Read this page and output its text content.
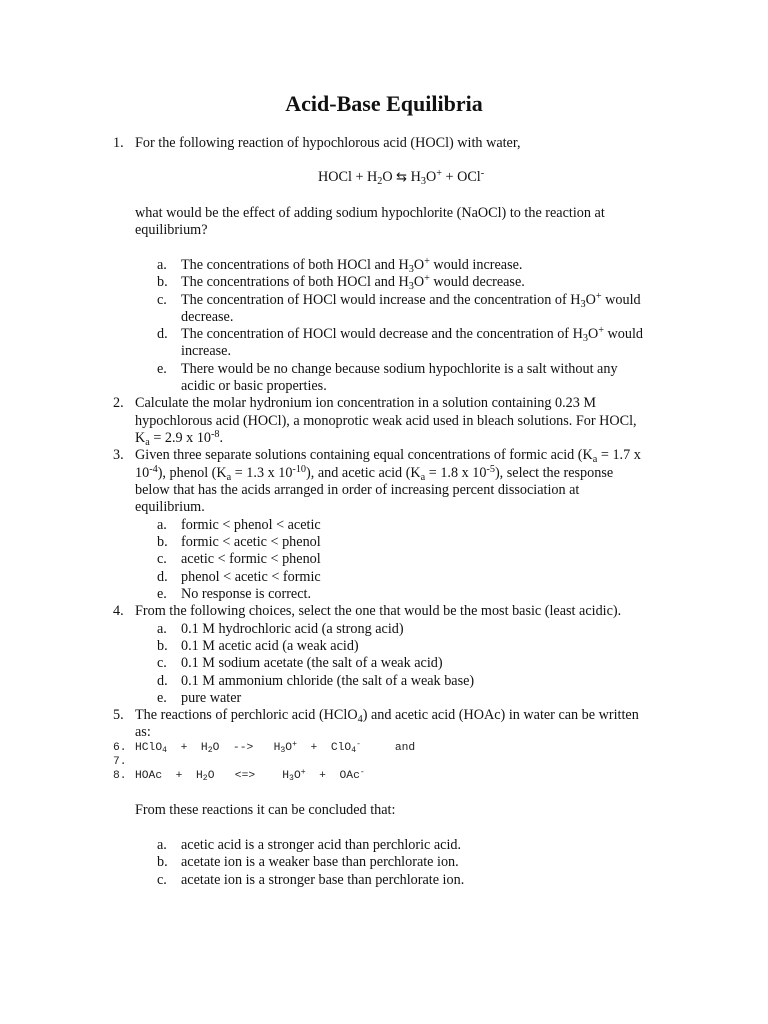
Acid-Base Equilibria
1. For the following reaction of hypochlorous acid (HOCl) with water,

HOCl + $H_2O$ ⇆ $H_3O^+ + OCl^-$

what would be the effect of adding sodium hypochlorite (NaOCl) to the reaction at

equilibrium?

a. The concentrations of both HOCl and $H_3O^+$ would increase.

b. The concentrations of both HOCl and $H_3O^+$ would decrease.

c. The concentration of HOCl would increase and the concentration of $H_3O^+$ would

decrease.

d. The concentration of HOCl would decrease and the concentration of $H_3O^+$ would

increase.

e. There would be no change because sodium hypochlorite is a salt without any

acidic or basic properties.

2. Calculate the molar hydronium ion concentration in a solution containing 0.23 M

hypochlorous acid (HOCl), a monoprotic weak acid used in bleach solutions. For HOCl,

$K_a = 2.9$ x $10^{-8}$.

3. Given three separate solutions containing equal concentrations of formic acid ($K_a = 1.7$ x

$10^{-4}$), phenol ($K_a = 1.3$ x $10^{-10}$), and acetic acid ($K_a = 1.8$ x $10^{-5}$), select the response

below that has the acids arranged in order of increasing percent dissociation at

equilibrium.

a. formic < phenol < acetic

b. formic < acetic < phenol

c. acetic < formic < phenol

d. phenol < acetic < formic

e. No response is correct.

4. From the following choices, select the one that would be the most basic (least acidic).

a. 0.1 M hydrochloric acid (a strong acid)

b. 0.1 M acetic acid (a weak acid)

c. 0.1 M sodium acetate (the salt of a weak acid)

d. 0.1 M ammonium chloride (the salt of a weak base)

e. pure water

5. The reactions of perchloric acid (HClO$_4$) and acetic acid (HOAc) in water can be written

as:

6. HClO$_4$  +  $H_2O$  -->   $H_3O^+ + ClO_4^-$     and
7.
8. HOAc  +  $H_2O$   <=>    $H_3O^+ + OAc^-$

From these reactions it can be concluded that:

a. acetic acid is a stronger acid than perchloric acid.

b. acetate ion is a weaker base than perchlorate ion.

c. acetate ion is a stronger base than perchlorate ion.
